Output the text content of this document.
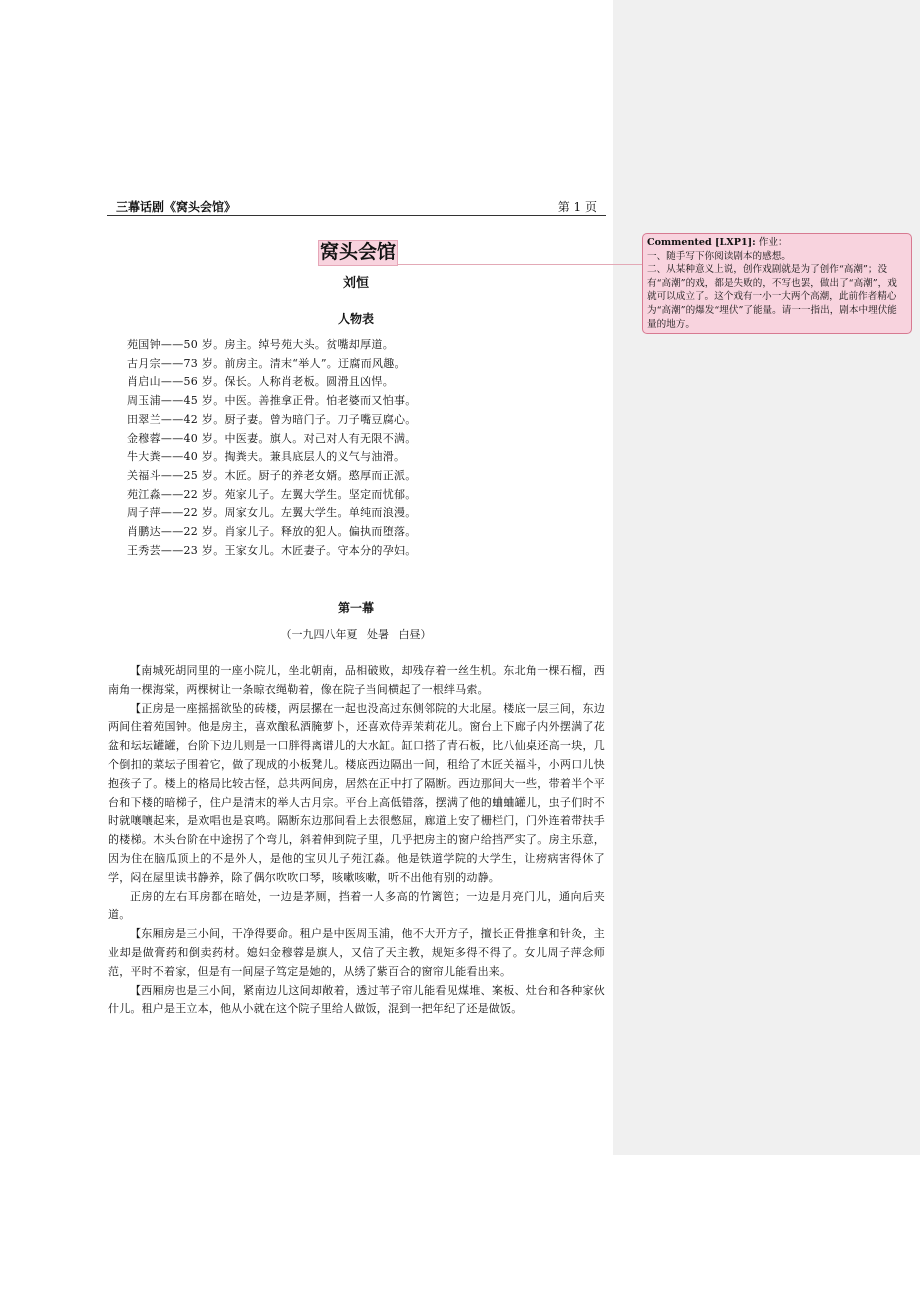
三幕话剧《窝头会馆》	第 1 页
窝头会馆
刘恒
人物表
苑国钟——50 岁。房主。绰号苑大头。贫嘴却厚道。
古月宗——73 岁。前房主。清末“举人”。迂腐而风趣。
肖启山——56 岁。保长。人称肖老板。圆滑且凶悍。
周玉浦——45 岁。中医。善推拿正骨。怕老婆而又怕事。
田翠兰——42 岁。厨子妻。曾为暗门子。刀子嘴豆腐心。
金穆蓉——40 岁。中医妻。旗人。对己对人有无限不满。
牛大粪——40 岁。掏粪夫。兼具底层人的义气与油滑。
关福斗——25 岁。木匠。厨子的养老女婿。憨厚而正派。
苑江淼——22 岁。苑家儿子。左翼大学生。坚定而忧郁。
周子萍——22 岁。周家女儿。左翼大学生。单纯而浪漫。
肖鹏达——22 岁。肖家儿子。释放的犯人。偏执而堕落。
王秀芸——23 岁。王家女儿。木匠妻子。守本分的孕妇。
第一幕
（一九四八年夏 处暑 白昼）

【南城死胡同里的一座小院儿，坐北朝南，品相破败，却残存着一丝生机。东北角一棵石榴，西南角一棵海棠，两棵树让一条晾衣绳勒着，像在院子当间横起了一根绊马索。

【正房是一座摇摇欲坠的砖楼，两层摞在一起也没高过东侧邻院的大北屋。楼底一层三间，东边两间住着苑国钟。他是房主，喜欢酿私酒腌萝卜，还喜欢侍弄茉莉花儿。窗台上下廊子内外摆满了花盆和坛坛罐罐，台阶下边儿则是一口胖得离谱儿的大水缸。缸口搭了青石板，比八仙桌还高一块，几个倒扣的菜坛子围着它，做了现成的小板凳儿。楼底西边隔出一间，租给了木匠关福斗，小两口儿快抱孩子了。楼上的格局比较古怪，总共两间房，居然在正中打了隔断。西边那间大一些，带着半个平台和下楼的暗梯子，住户是清末的举人古月宗。平台上高低错落，摆满了他的蛐蛐罐儿，虫子们时不时就嚷嚷起来，是欢唱也是哀鸣。隔断东边那间看上去很憋屈，廊道上安了栅栏门，门外连着带扶手的楼梯。木头台阶在中途拐了个弯儿，斜着伸到院子里，几乎把房主的窗户给挡严实了。房主乐意，因为住在脑瓜顶上的不是外人，是他的宝贝儿子苑江淼。他是铁道学院的大学生，让痨病害得休了学，闷在屋里读书静养，除了偶尔吹吹口琴，咳嗽咳嗽，听不出他有别的动静。

正房的左右耳房都在暗处，一边是茅厕，挡着一人多高的竹篱笆；一边是月亮门儿，通向后夹道。

【东厢房是三小间，干净得要命。租户是中医周玉浦，他不大开方子，擅长正骨推拿和针灸，主业却是做膏药和倒卖药材。媳妇金穆蓉是旗人，又信了天主教，规矩多得不得了。女儿周子萍念师范，平时不着家，但是有一间屋子笃定是她的，从绣了紫百合的窗帘儿能看出来。

【西厢房也是三小间，紧南边儿这间却敞着，透过苇子帘儿能看见煤堆、案板、灶台和各种家伙什儿。租户是王立本，他从小就在这个院子里给人做饭，混到一把年纪了还是做饭。

Commented [LXP1]: 作业：
一、随手写下你阅读剧本的感想。
二、从某种意义上说，创作戏剧就是为了创作“高潮”；没有“高潮”的戏，都是失败的，不写也罢，做出了“高潮”，戏就可以成立了。这个戏有一小一大两个高潮，此前作者精心为“高潮”的爆发“埋伏”了能量。请一一指出，剧本中埋伏能量的地方。
